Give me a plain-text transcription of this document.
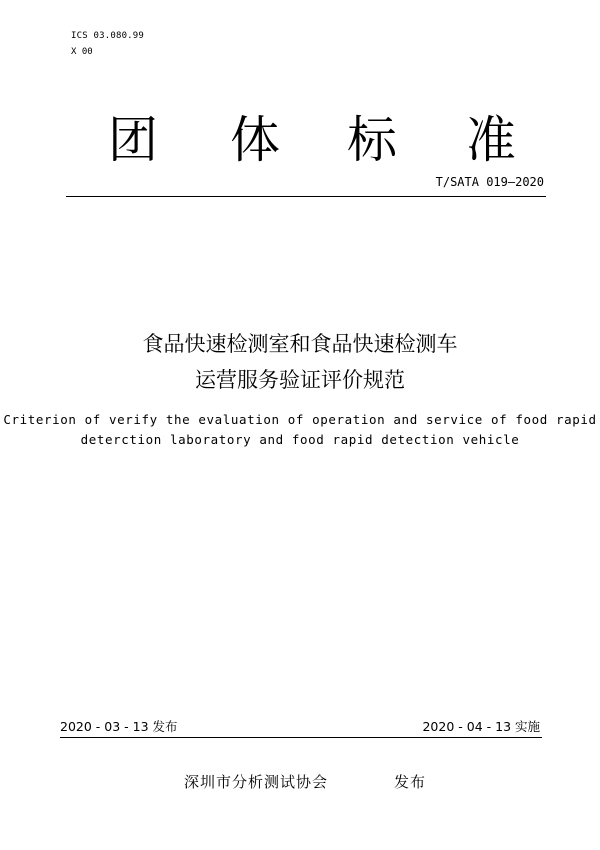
ICS 03.080.99
X 00
团 体 标 准
T/SATA 019—2020
食品快速检测室和食品快速检测车
运营服务验证评价规范
Criterion of verify the evaluation of operation and service of food rapid
deterction laboratory and food rapid detection vehicle
2020 - 03 - 13 发布	2020 - 04 - 13 实施
深圳市分析测试协会	发布
